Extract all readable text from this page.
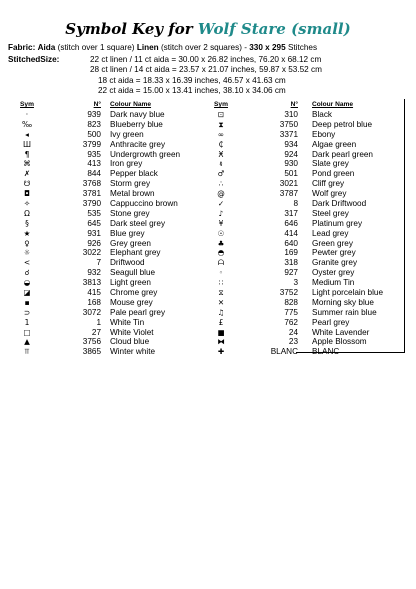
Symbol Key for Wolf Stare (small)
Fabric: Aida (stitch over 1 square) Linen (stitch over 2 squares) - 330 x 295 Stitches
StitchedSize:	22 ct linen / 11 ct aida = 30.00 x 26.82 inches, 76.20 x 68.12 cm
28 ct linen / 14 ct aida = 23.57 x 21.07 inches, 59.87 x 53.52 cm
18 ct aida = 18.33 x 16.39 inches, 46.57 x 41.63 cm
22 ct aida = 15.00 x 13.41 inches, 38.10 x 34.06 cm
Sym	N° Colour Name
·	939 Dark navy blue
‰	823 Blueberry blue
◂	500 Ivy green
Ш	3799 Anthracite grey
¶	935 Undergrowth green
⌘	413 Iron grey
✗	844 Pepper black
☋	3768 Storm grey
◘	3781 Metal brown
✧	3790 Cappuccino brown
Ω	535 Stone grey
§	645 Dark steel grey
★	931 Blue grey
♀	926 Grey green
☼	3022 Elephant grey
<	7 Driftwood
☌	932 Seagull blue
◒	3813 Light green
◪	415 Chrome grey
▪	168 Mouse grey
⊃	3072 Pale pearl grey
1	1 White Tin
□	27 White Violet
▲	3756 Cloud blue
⫪	3865 Winter white
Sym	N° Colour Name
⊡	310 Black
⧗	3750 Deep petrol blue
∞	3371 Ebony
₵	934 Algae green
Ӿ	924 Dark pearl green
ᵵ	930 Slate grey
♂	501 Pond green
∴	3021 Cliff grey
@	3787 Wolf grey
✓	8 Dark Driftwood
♪	317 Steel grey
¥	646 Platinum grey
☉	414 Lead grey
♣	640 Green grey
◓	169 Pewter grey
ᗩ	318 Granite grey
◦	927 Oyster grey
∷	3 Medium Tin
⧖	3752 Light porcelain blue
✕	828 Morning sky blue
♫	775 Summer rain blue
£	762 Pearl grey
■	24 White Lavender
⧓	23 Apple Blossom
✚	BLANC BLANC
